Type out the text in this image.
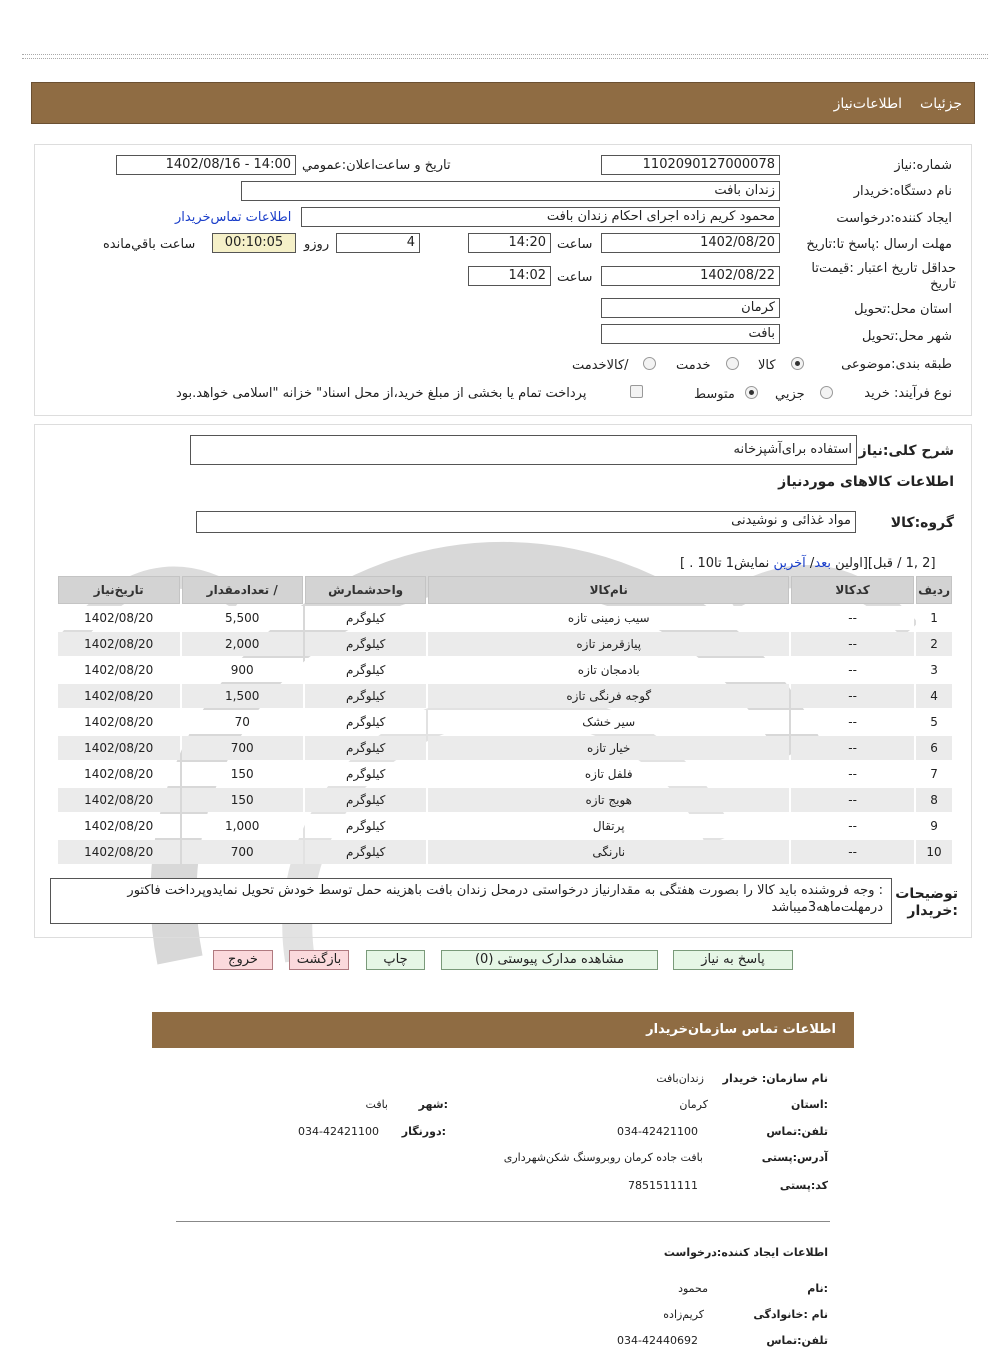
جزئیات
اطلاعات‌نیاز
شماره:نیاز
1102090127000078
تاریخ و ساعت‌اعلان:عمومي
1402/08/16 - 14:00
نام دستگاه:خریدار
زندان بافت
ایجاد کننده:درخواست
محمود کریم زاده اجرای احکام زندان بافت
اطلاعات تماس‌خریدار
مهلت ارسال :پاسخ تا:تاریخ
1402/08/20
ساعت
14:20
4
روزو
00:10:05
ساعت باقي‌مانده
حداقل تاریخ اعتبار :قیمت‌تا تاریخ
1402/08/22
ساعت
14:02
استان محل:تحویل
کرمان
شهر محل:تحویل
بافت
طبقه بندی:موضوعی
کالا
خدمت
/کالاخدمت
نوع فرآیند: خرید
جزيي
متوسط
پرداخت تمام یا بخشی از مبلغ خرید،از محل اسناد" خزانه "اسلامی خواهد.بود
شرح کلی:نیاز
استفاده برای‌آشپزخانه
اطلاعات کالاهای موردنیاز
گروه:کالا
مواد غذائی و نوشیدنی
[2 ,1 / قبل][اولین بعد/ آخرین نمایش1 تا10 . ]
ردیف	کدکالا	نام‌کالا	واحدشمارش	/ تعدادمقدار	تاریخ‌نیاز
1	--	سیب زمینی تازه	کیلوگرم	5,500	1402/08/20
2	--	پیازقرمز تازه	کیلوگرم	2,000	1402/08/20
3	--	بادمجان تازه	کیلوگرم	900	1402/08/20
4	--	گوجه فرنگی تازه	کیلوگرم	1,500	1402/08/20
5	--	سیر خشک	کیلوگرم	70	1402/08/20
6	--	خیار تازه	کیلوگرم	700	1402/08/20
7	--	فلفل تازه	کیلوگرم	150	1402/08/20
8	--	هویج تازه	کیلوگرم	150	1402/08/20
9	--	پرتقال	کیلوگرم	1,000	1402/08/20
10	--	نارنگی	کیلوگرم	700	1402/08/20
توضیحات :خریدار
: وجه فروشنده باید کالا را بصورت هفتگی به مقدارنیاز درخواستی درمحل زندان بافت باهزینه حمل توسط خودش تحویل نمایدوپرداخت فاکتور درمهلت‌ماهه3میباشد
پاسخ به نیاز
مشاهده مدارک پیوستی (0)
چاپ
بازگشت
خروج
اطلاعات تماس سازمان‌خریدار
نام سازمان: خریدار
زندان‌بافت
:استان
کرمان
:شهر
بافت
تلفن:تماس
034-42421100
:دورنگار
034-42421100
آدرس:پستی
بافت جاده کرمان روبروسنگ شکن‌شهرداری
کد:پستی
7851511111
اطلاعات ایجاد کننده:درخواست
:نام
محمود
نام :خانوادگی
کریم‌زاده
تلفن:تماس
034-42440692
